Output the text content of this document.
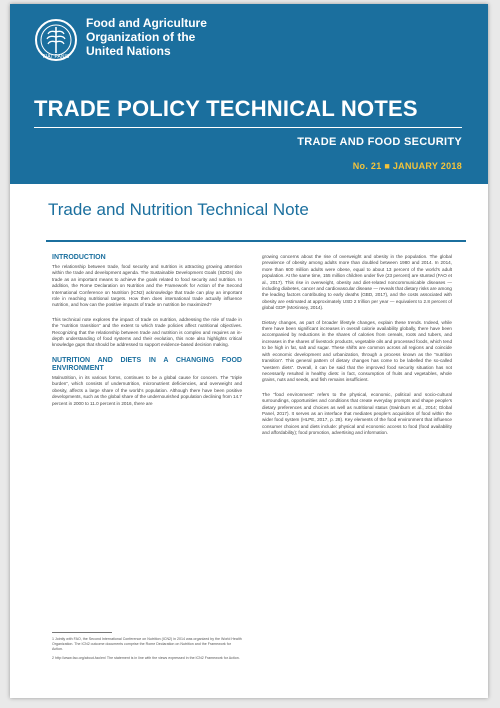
FIAT PANIS
Food and Agriculture
Organization of the
United Nations
TRADE POLICY TECHNICAL NOTES
TRADE AND FOOD SECURITY
No. 21 ■ JANUARY 2018
Trade and Nutrition Technical Note
INTRODUCTION

The relationship between trade, food security and nutrition is attracting growing attention within the trade and development agenda. The Sustainable Development Goals (SDGs) cite trade as an important means to achieve the goals related to food security and nutrition. In addition, the Rome Declaration on Nutrition and the Framework for Action of the Second International Conference on Nutrition (ICN2) acknowledge that trade can play an important role in reaching nutritional targets. How then does international trade actually influence nutrition, and how can the positive impacts of trade on nutrition be maximized?

This technical note explores the impact of trade on nutrition, addressing the role of trade in the “nutrition transition” and the extent to which trade policies affect nutritional objectives. Recognizing that the relationship between trade and nutrition is complex and requires an in-depth understanding of food systems and their evolution, this note also highlights critical knowledge gaps that should be addressed to support evidence-based decision making.

NUTRITION AND DIETS IN A CHANGING FOOD ENVIRONMENT

Malnutrition, in its various forms, continues to be a global cause for concern. The “triple burden”, which consists of undernutrition, micronutrient deficiencies, and overweight and obesity, affects a large share of the world’s population. Although there have been positive developments, such as the global share of the undernourished population declining from 14.7 percent in 2000 to 11.0 percent in 2016, there are

growing concerns about the rise of overweight and obesity in the population. The global prevalence of obesity among adults more than doubled between 1980 and 2014. In 2014, more than 600 million adults were obese, equal to about 13 percent of the world’s adult population. At the same time, 155 million children under five (23 percent) are stunted (FAO et al., 2017). This rise in overweight, obesity and diet-related noncommunicable diseases — including diabetes, cancer and cardiovascular disease — reveals that dietary risks are among the leading factors contributing to early deaths (GBD, 2017), and the costs associated with obesity are estimated at approximately USD 2 trillion per year — equivalent to 2.8 percent of global GDP (McKinsey, 2014).

Dietary changes, as part of broader lifestyle changes, explain these trends. Indeed, while there have been significant increases in overall calorie availability globally, there have been accompanied by reductions in the shares of calories from cereals, roots and tubers, and increases in the shares of livestock products, vegetable oils and processed foods, which tend to be high in fat, salt and sugar. These shifts are common across all regions and coincide with economic development and urbanization, through a process known as the “nutrition transition”. This general pattern of dietary changes has come to be labelled the so-called “western diets”. Overall, it can be said that the improved food security situation has not necessarily resulted in healthy diets: in fact, consumption of fruits and vegetables, whole grains, nuts and seeds, and fish remains insufficient.

The “food environment” refers to the physical, economic, political and socio-cultural surroundings, opportunities and conditions that create everyday prompts and shape people’s dietary preferences and choices as well as nutritional status (Swinburn et al., 2014; Global Panel, 2017). It serves as an interface that mediates people’s acquisition of food within the wider food system (HLPE, 2017, p. 28). Key elements of the food environment that influence consumer choices and diets include: physical and economic access to food (food availability and affordability); food promotion, advertising and information.

1 Jointly with FAO, the Second International Conference on Nutrition (ICN2) in 2014 was organized by the World Health Organization. The ICN2 outcome documents comprise the Rome Declaration on Nutrition and the Framework for Action.

2 http://www.fao.org/about-fao/en/ The statement is in line with the views expressed in the ICN2 Framework for Action.
